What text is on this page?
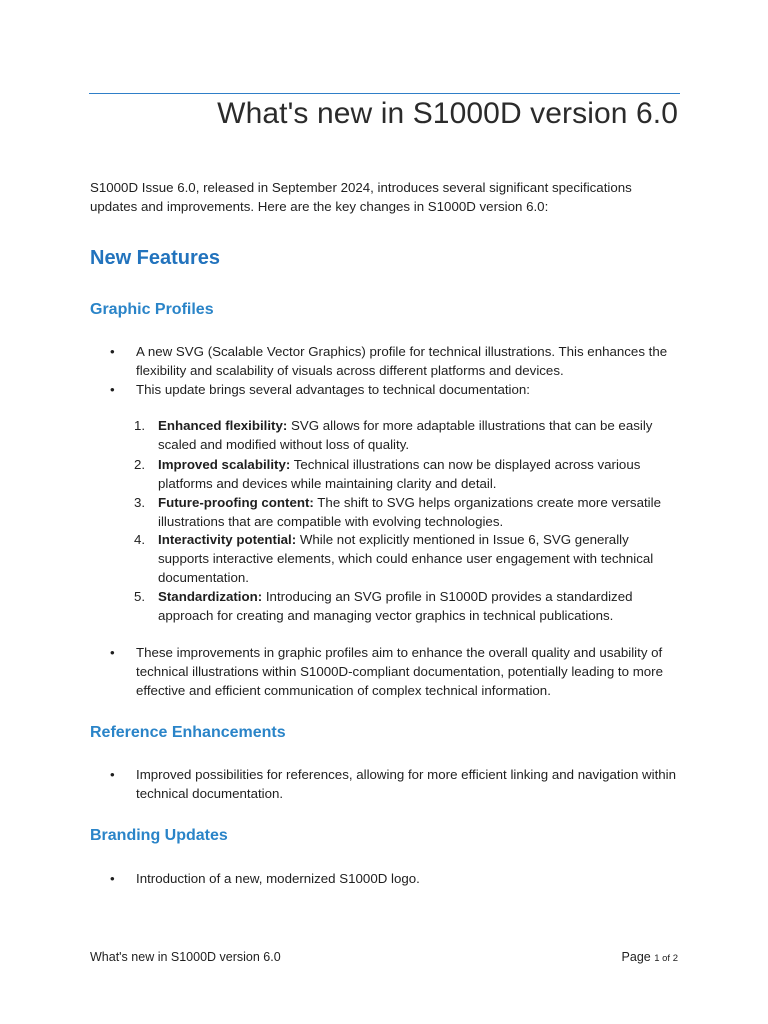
What's new in S1000D version 6.0

S1000D Issue 6.0, released in September 2024, introduces several significant specifications updates and improvements. Here are the key changes in S1000D version 6.0:

New Features
Graphic Profiles
•	A new SVG (Scalable Vector Graphics) profile for technical illustrations. This enhances the flexibility and scalability of visuals across different platforms and devices.
•	This update brings several advantages to technical documentation:
1. Enhanced flexibility: SVG allows for more adaptable illustrations that can be easily scaled and modified without loss of quality.
2. Improved scalability: Technical illustrations can now be displayed across various platforms and devices while maintaining clarity and detail.
3. Future-proofing content: The shift to SVG helps organizations create more versatile illustrations that are compatible with evolving technologies.
4. Interactivity potential: While not explicitly mentioned in Issue 6, SVG generally supports interactive elements, which could enhance user engagement with technical documentation.
5. Standardization: Introducing an SVG profile in S1000D provides a standardized approach for creating and managing vector graphics in technical publications.
•	These improvements in graphic profiles aim to enhance the overall quality and usability of technical illustrations within S1000D-compliant documentation, potentially leading to more effective and efficient communication of complex technical information.
Reference Enhancements
•	Improved possibilities for references, allowing for more efficient linking and navigation within technical documentation.
Branding Updates
•	Introduction of a new, modernized S1000D logo.
What's new in S1000D version 6.0	Page 1 of 2
